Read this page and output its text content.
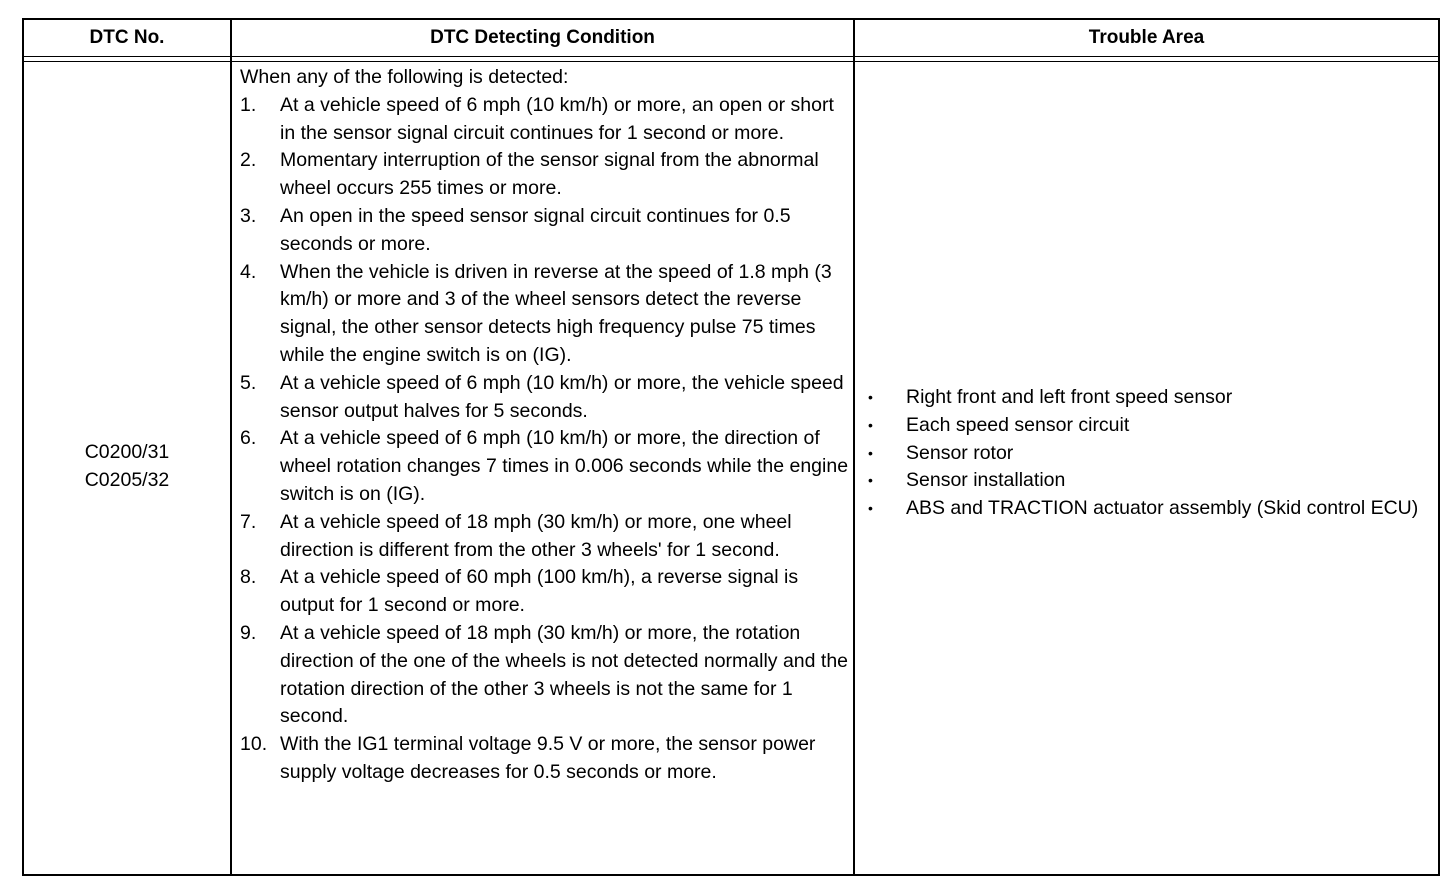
DTC No.	DTC Detecting Condition	Trouble Area
C0200/31
C0205/32
When any of the following is detected:
1. At a vehicle speed of 6 mph (10 km/h) or more, an open or short in the sensor signal circuit continues for 1 second or more.
2. Momentary interruption of the sensor signal from the abnormal wheel occurs 255 times or more.
3. An open in the speed sensor signal circuit continues for 0.5 seconds or more.
4. When the vehicle is driven in reverse at the speed of 1.8 mph (3 km/h) or more and 3 of the wheel sensors detect the reverse signal, the other sensor detects high frequency pulse 75 times while the engine switch is on (IG).
5. At a vehicle speed of 6 mph (10 km/h) or more, the vehicle speed sensor output halves for 5 seconds.
6. At a vehicle speed of 6 mph (10 km/h) or more, the direction of wheel rotation changes 7 times in 0.006 seconds while the engine switch is on (IG).
7. At a vehicle speed of 18 mph (30 km/h) or more, one wheel direction is different from the other 3 wheels' for 1 second.
8. At a vehicle speed of 60 mph (100 km/h), a reverse signal is output for 1 second or more.
9. At a vehicle speed of 18 mph (30 km/h) or more, the rotation direction of the one of the wheels is not detected normally and the rotation direction of the other 3 wheels is not the same for 1 second.
10. With the IG1 terminal voltage 9.5 V or more, the sensor power supply voltage decreases for 0.5 seconds or more.
• Right front and left front speed sensor
• Each speed sensor circuit
• Sensor rotor
• Sensor installation
• ABS and TRACTION actuator assembly (Skid control ECU)
